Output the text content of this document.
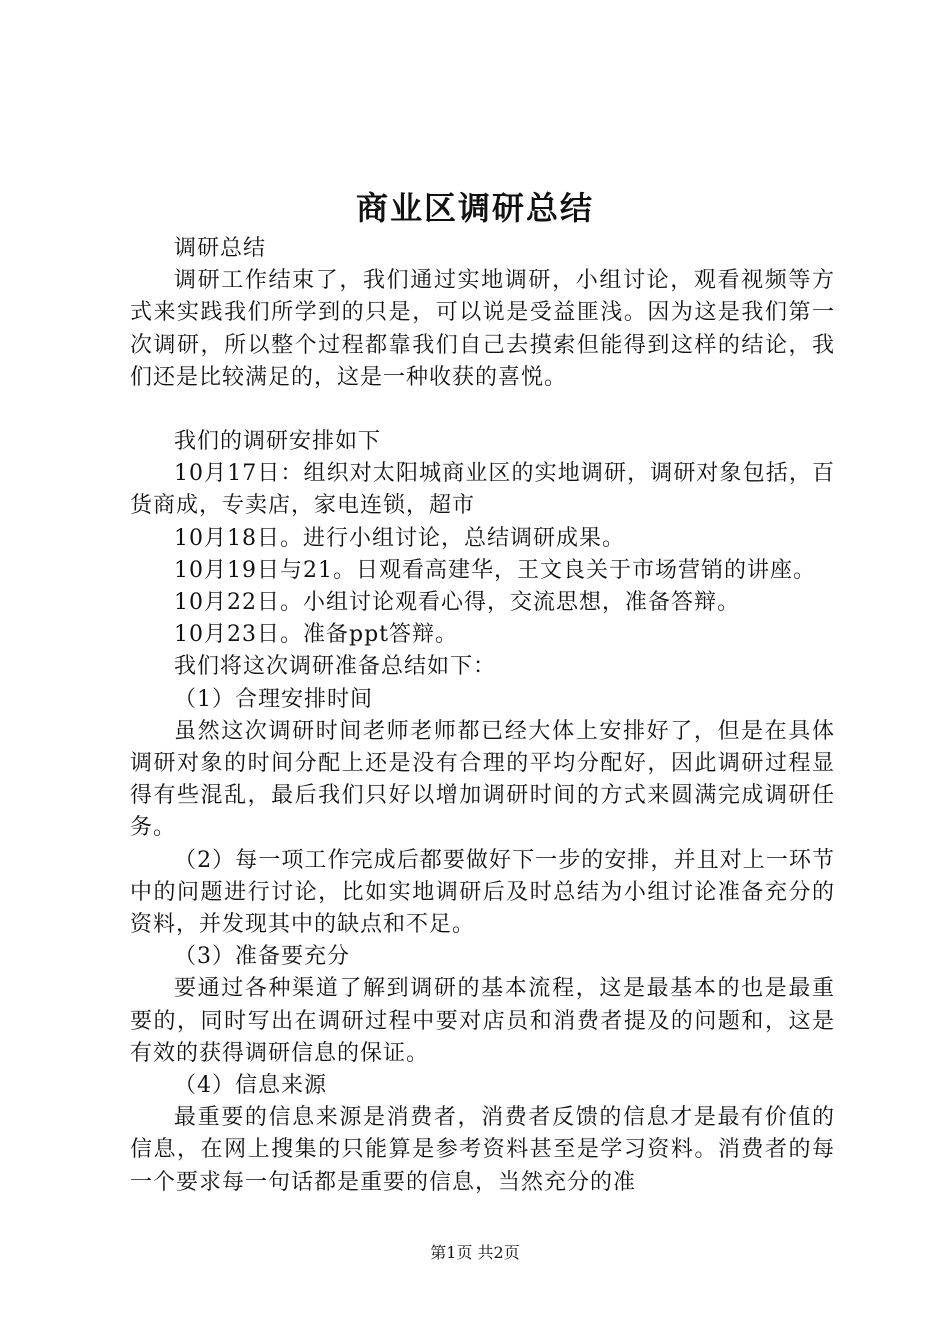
商业区调研总结

调研总结

调研工作结束了，我们通过实地调研，小组讨论，观看视频等方式来实践我们所学到的只是，可以说是受益匪浅。因为这是我们第一次调研，所以整个过程都靠我们自己去摸索但能得到这样的结论，我们还是比较满足的，这是一种收获的喜悦。

我们的调研安排如下

10月17日：组织对太阳城商业区的实地调研，调研对象包括，百货商成，专卖店，家电连锁，超市

10月18日。进行小组讨论，总结调研成果。

10月19日与21。日观看高建华，王文良关于市场营销的讲座。

10月22日。小组讨论观看心得，交流思想，准备答辩。

10月23日。准备ppt答辩。

我们将这次调研准备总结如下：

（1）合理安排时间

虽然这次调研时间老师老师都已经大体上安排好了，但是在具体调研对象的时间分配上还是没有合理的平均分配好，因此调研过程显得有些混乱，最后我们只好以增加调研时间的方式来圆满完成调研任务。

（2）每一项工作完成后都要做好下一步的安排，并且对上一环节中的问题进行讨论，比如实地调研后及时总结为小组讨论准备充分的资料，并发现其中的缺点和不足。

（3）准备要充分

要通过各种渠道了解到调研的基本流程，这是最基本的也是最重要的，同时写出在调研过程中要对店员和消费者提及的问题和，这是有效的获得调研信息的保证。

（4）信息来源

最重要的信息来源是消费者，消费者反馈的信息才是最有价值的信息，在网上搜集的只能算是参考资料甚至是学习资料。消费者的每一个要求每一句话都是重要的信息，当然充分的准

第1页 共2页
